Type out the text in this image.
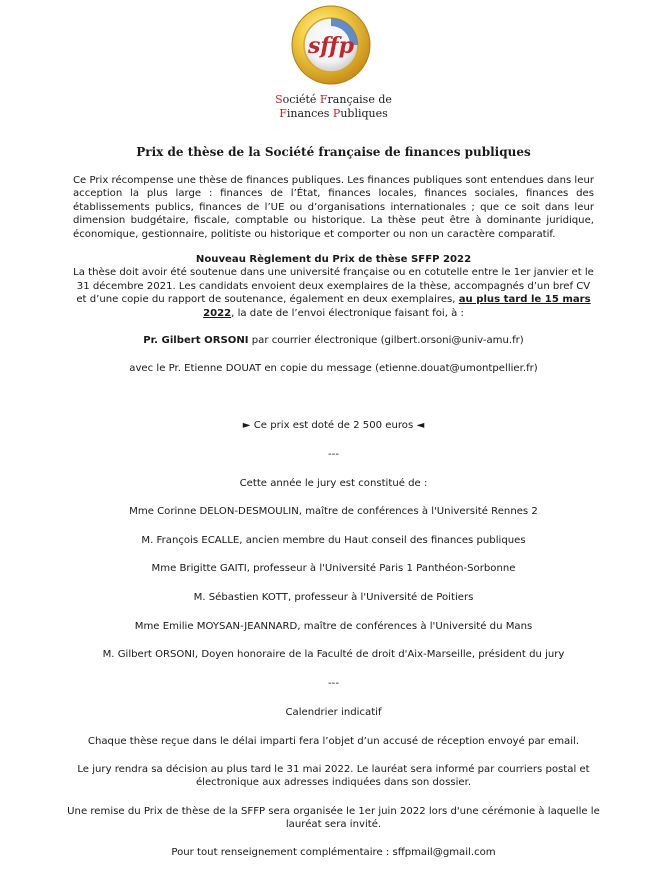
sffp
Société Française de
Finances Publiques
Prix de thèse de la Société française de finances publiques
Ce Prix récompense une thèse de finances publiques. Les finances publiques sont entendues dans leur acception la plus large : finances de l’État, finances locales, finances sociales, finances des établissements publics, finances de l’UE ou d’organisations internationales ; que ce soit dans leur dimension budgétaire, fiscale, comptable ou historique. La thèse peut être à dominante juridique, économique, gestionnaire, politiste ou historique et comporter ou non un caractère comparatif.
Nouveau Règlement du Prix de thèse SFFP 2022
La thèse doit avoir été soutenue dans une université française ou en cotutelle entre le 1er janvier et le 31 décembre 2021. Les candidats envoient deux exemplaires de la thèse, accompagnés d’un bref CV et d’une copie du rapport de soutenance, également en deux exemplaires, au plus tard le 15 mars 2022, la date de l’envoi électronique faisant foi, à :
Pr. Gilbert ORSONI par courrier électronique (gilbert.orsoni@univ-amu.fr)
avec le Pr. Etienne DOUAT en copie du message (etienne.douat@umontpellier.fr)
► Ce prix est doté de 2 500 euros ◄
---
Cette année le jury est constitué de :
Mme Corinne DELON-DESMOULIN, maître de conférences à l'Université Rennes 2
M. François ECALLE, ancien membre du Haut conseil des finances publiques
Mme Brigitte GAITI, professeur à l'Université Paris 1 Panthéon-Sorbonne
M. Sébastien KOTT, professeur à l'Université de Poitiers
Mme Emilie MOYSAN-JEANNARD, maître de conférences à l'Université du Mans
M. Gilbert ORSONI, Doyen honoraire de la Faculté de droit d'Aix-Marseille, président du jury
---
Calendrier indicatif
Chaque thèse reçue dans le délai imparti fera l’objet d’un accusé de réception envoyé par email.
Le jury rendra sa décision au plus tard le 31 mai 2022. Le lauréat sera informé par courriers postal et électronique aux adresses indiquées dans son dossier.
Une remise du Prix de thèse de la SFFP sera organisée le 1er juin 2022 lors d'une cérémonie à laquelle le lauréat sera invité.
Pour tout renseignement complémentaire : sffpmail@gmail.com
